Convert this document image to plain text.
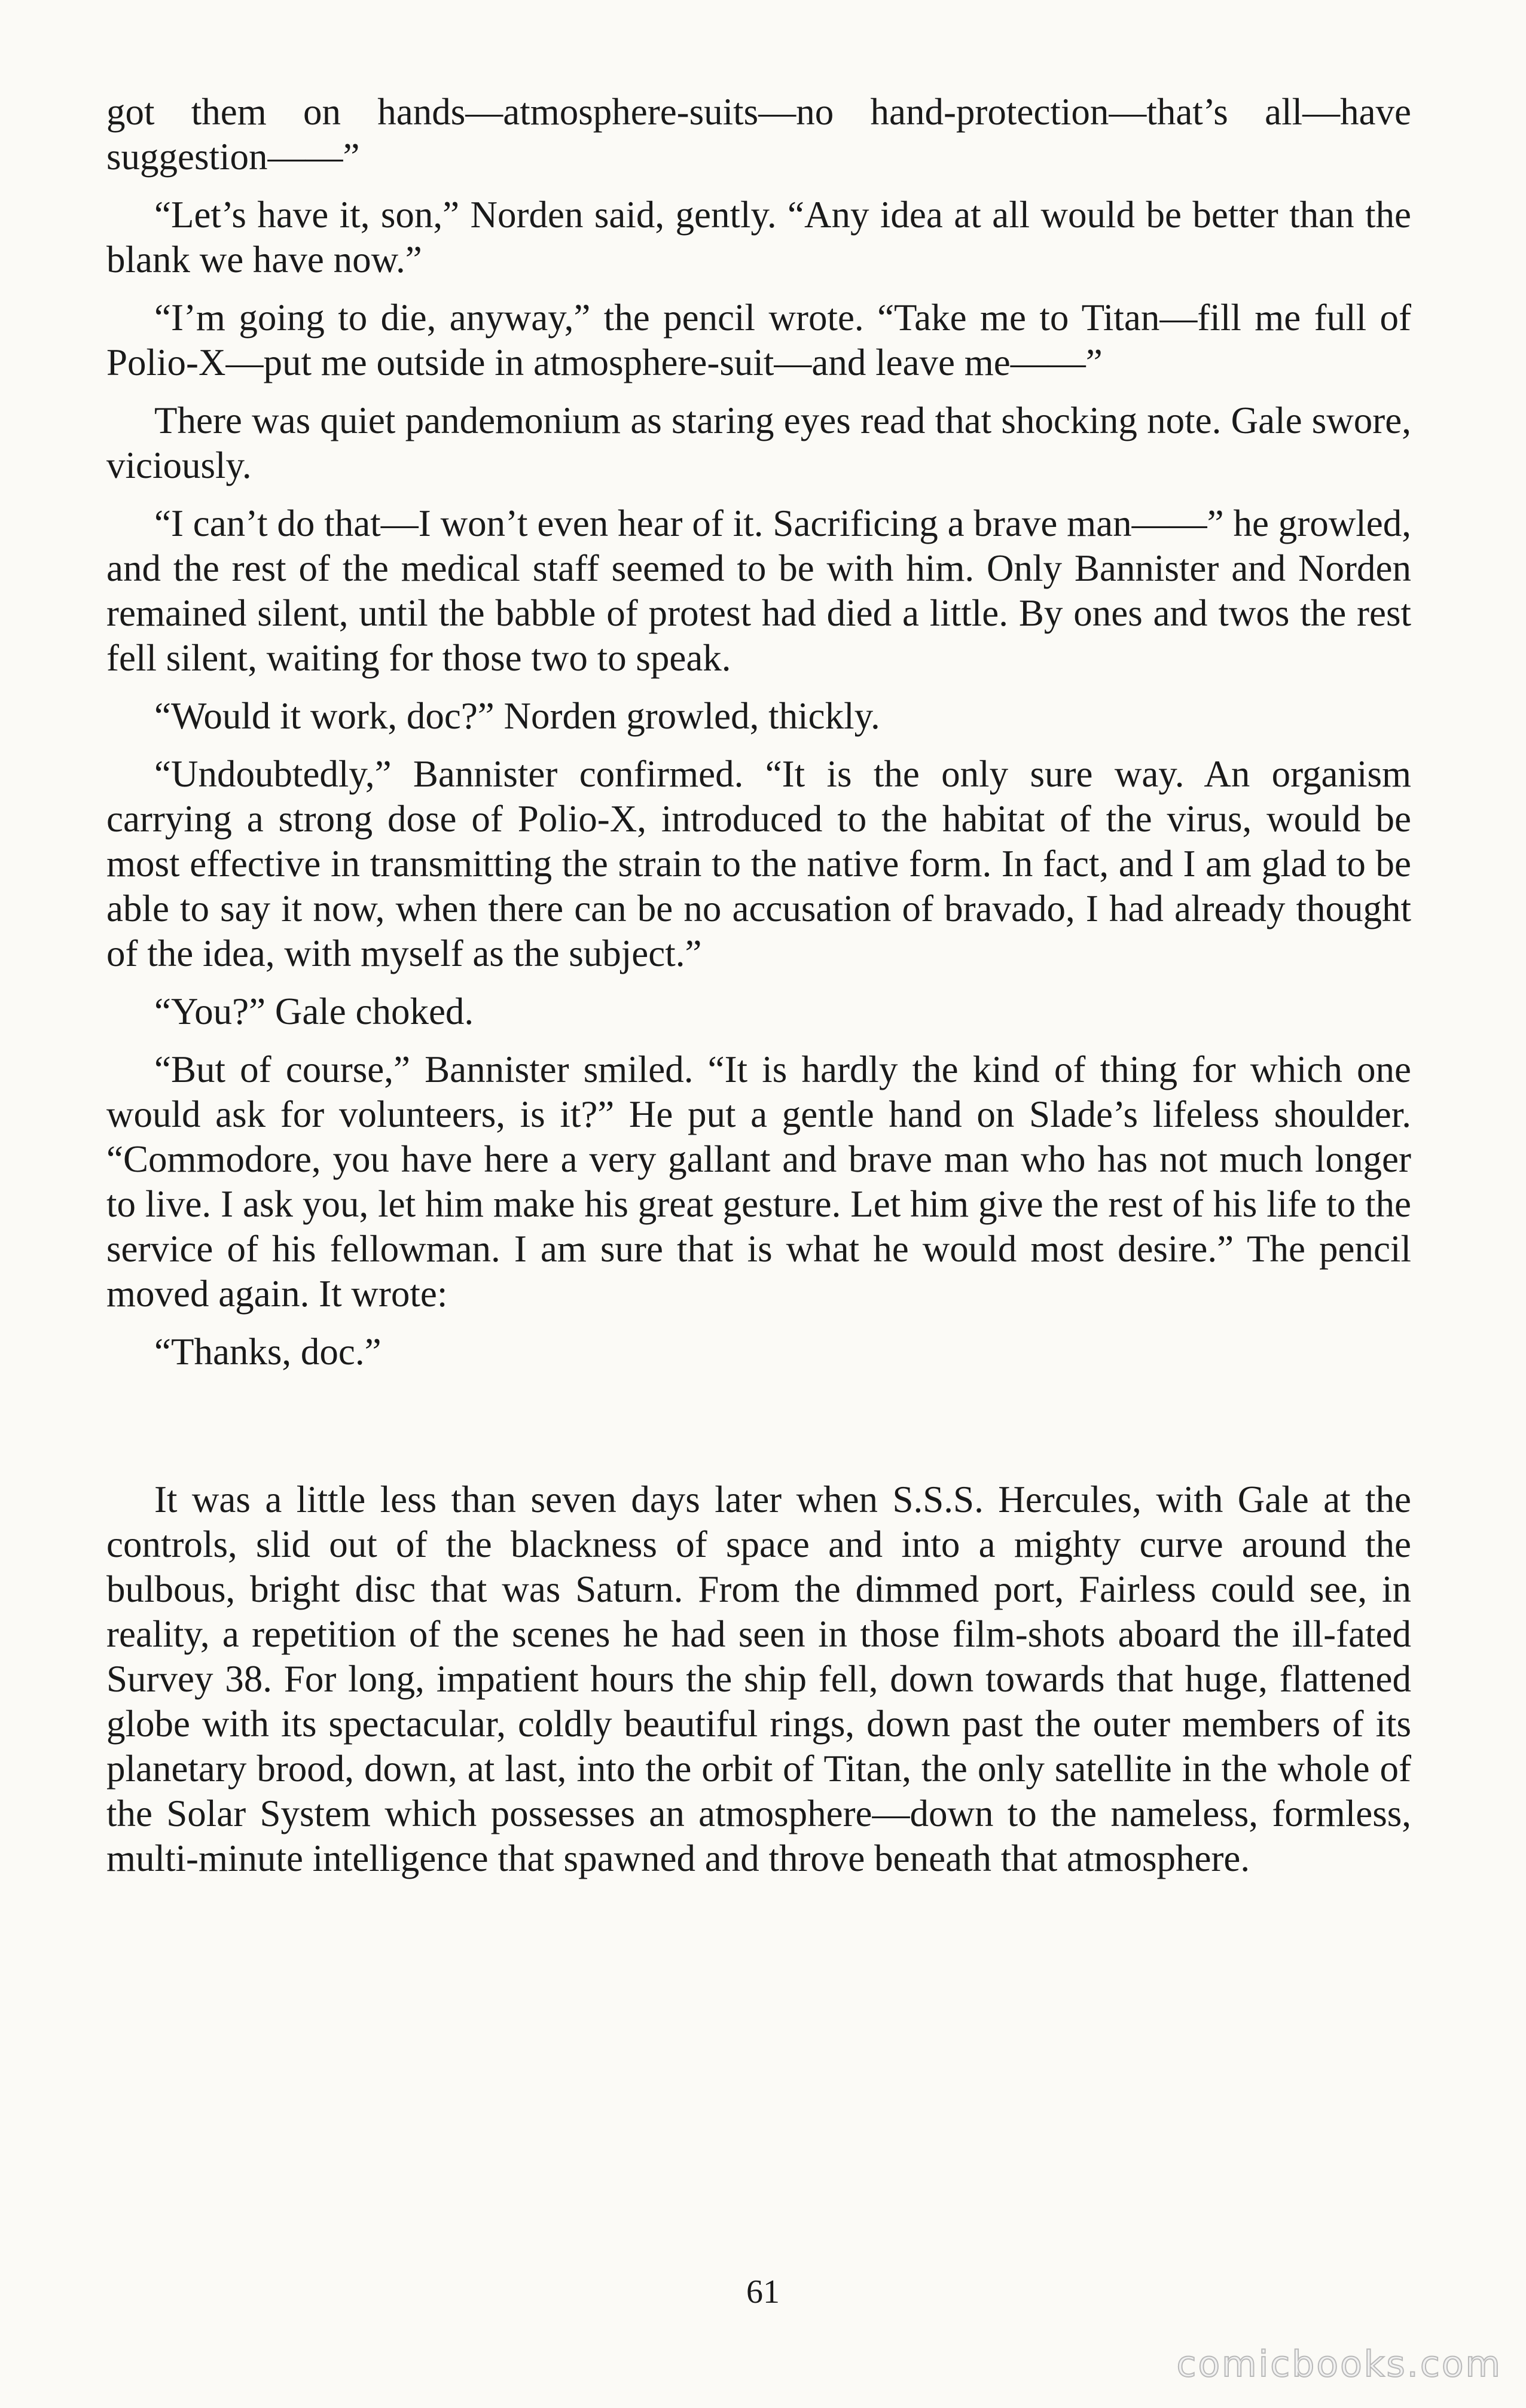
got them on hands—atmosphere-suits—no hand-protection—that’s all—have suggestion——”

“Let’s have it, son,” Norden said, gently. “Any idea at all would be better than the blank we have now.”

“I’m going to die, anyway,” the pencil wrote. “Take me to Titan—fill me full of Polio-X—put me outside in atmosphere-suit—and leave me——”

There was quiet pandemonium as staring eyes read that shocking note. Gale swore, viciously.

“I can’t do that—I won’t even hear of it. Sacrificing a brave man——” he growled, and the rest of the medical staff seemed to be with him. Only Bannister and Norden remained silent, until the babble of protest had died a little. By ones and twos the rest fell silent, waiting for those two to speak.

“Would it work, doc?” Norden growled, thickly.

“Undoubtedly,” Bannister confirmed. “It is the only sure way. An organism carrying a strong dose of Polio-X, introduced to the habitat of the virus, would be most effective in transmitting the strain to the native form. In fact, and I am glad to be able to say it now, when there can be no accusation of bravado, I had already thought of the idea, with myself as the subject.”

“You?” Gale choked.

“But of course,” Bannister smiled. “It is hardly the kind of thing for which one would ask for volunteers, is it?” He put a gentle hand on Slade’s lifeless shoulder. “Commodore, you have here a very gallant and brave man who has not much longer to live. I ask you, let him make his great gesture. Let him give the rest of his life to the service of his fellowman. I am sure that is what he would most desire.” The pencil moved again. It wrote:

“Thanks, doc.”

It was a little less than seven days later when S.S.S. Hercules, with Gale at the controls, slid out of the blackness of space and into a mighty curve around the bulbous, bright disc that was Saturn. From the dimmed port, Fairless could see, in reality, a repetition of the scenes he had seen in those film-shots aboard the ill-fated Survey 38. For long, impatient hours the ship fell, down towards that huge, flattened globe with its spectacular, coldly beautiful rings, down past the outer members of its planetary brood, down, at last, into the orbit of Titan, the only satellite in the whole of the Solar System which possesses an atmosphere—down to the nameless, formless, multi-minute intelligence that spawned and throve beneath that atmosphere.

61
comicbooks.com
